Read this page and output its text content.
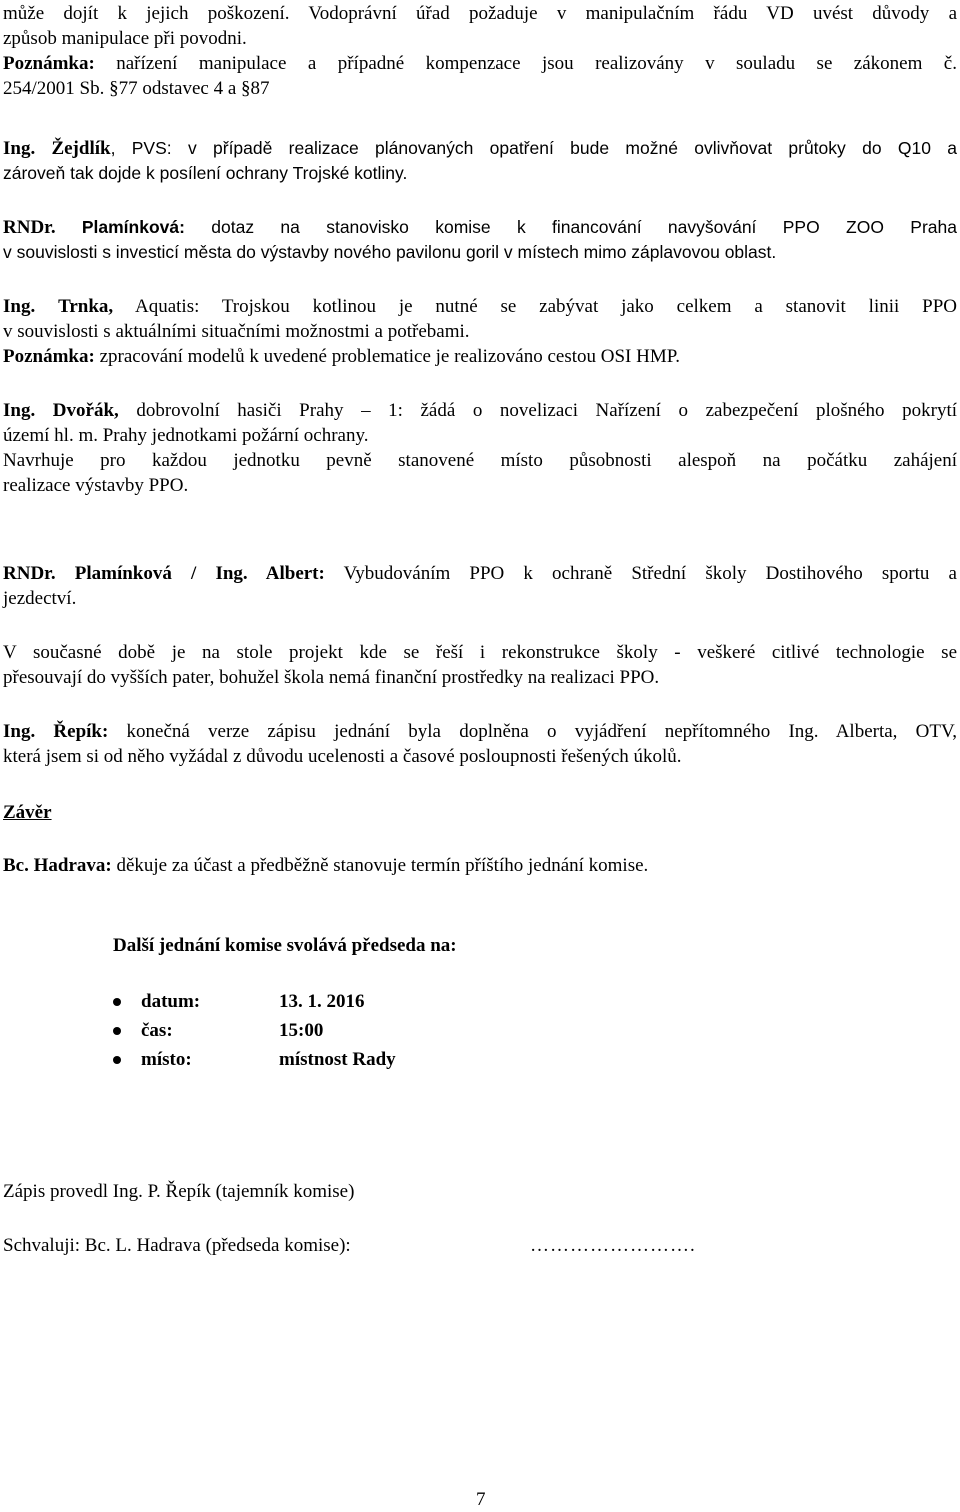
může dojít k jejich poškození. Vodoprávní úřad požaduje v manipulačním řádu VD uvést důvody a
způsob manipulace při povodni.
Poznámka: nařízení manipulace a případné kompenzace jsou realizovány v souladu se zákonem č.
254/2001 Sb. §77 odstavec 4 a §87

Ing. Žejdlík, PVS: v případě realizace plánovaných opatření bude možné ovlivňovat průtoky do Q10 a
zároveň tak dojde k posílení ochrany Trojské kotliny.

RNDr. Plamínková: dotaz na stanovisko komise k financování navyšování PPO ZOO Praha
v souvislosti s investicí města do výstavby nového pavilonu goril v místech mimo záplavovou oblast.

Ing. Trnka, Aquatis: Trojskou kotlinou je nutné se zabývat jako celkem a stanovit linii PPO
v souvislosti s aktuálními situačními možnostmi a potřebami.
Poznámka: zpracování modelů k uvedené problematice je realizováno cestou OSI HMP.

Ing. Dvořák, dobrovolní hasiči Prahy – 1: žádá o novelizaci Nařízení o zabezpečení plošného pokrytí
území hl. m. Prahy jednotkami požární ochrany.
Navrhuje pro každou jednotku pevně stanovené místo působnosti alespoň na počátku zahájení
realizace výstavby PPO.

RNDr. Plamínková / Ing. Albert: Vybudováním PPO k ochraně Střední školy Dostihového sportu a
jezdectví.

V současné době je na stole projekt kde se řeší i rekonstrukce školy - veškeré citlivé technologie se
přesouvají do vyšších pater, bohužel škola nemá finanční prostředky na realizaci PPO.

Ing. Řepík: konečná verze zápisu jednání byla doplněna o vyjádření nepřítomného Ing. Alberta, OTV,
která jsem si od něho vyžádal z důvodu ucelenosti a časové posloupnosti řešených úkolů.

Závěr

Bc. Hadrava: děkuje za účast a předběžně stanovuje termín příštího jednání komise.

Další jednání komise svolává předseda na:
datum:	13. 1. 2016
čas:	15:00
místo:	místnost Rady
Zápis provedl Ing. P. Řepík (tajemník komise)
Schvaluji: Bc. L. Hadrava (předseda komise):	…………………….
7
